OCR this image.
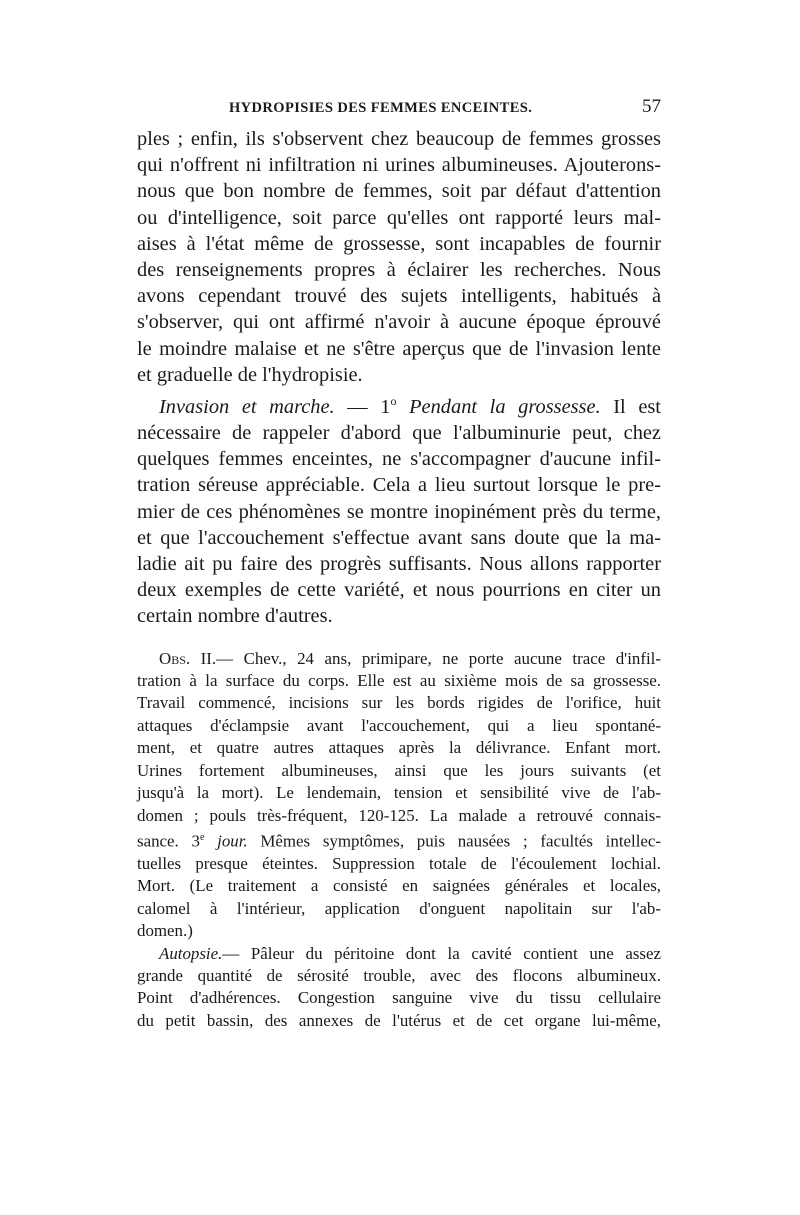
HYDROPISIES DES FEMMES ENCEINTES.	57

ples ; enfin, ils s'observent chez beaucoup de femmes grosses
qui n'offrent ni infiltration ni urines albumineuses. Ajouterons-
nous que bon nombre de femmes, soit par défaut d'attention
ou d'intelligence, soit parce qu'elles ont rapporté leurs mal-
aises à l'état même de grossesse, sont incapables de fournir
des renseignements propres à éclairer les recherches. Nous
avons cependant trouvé des sujets intelligents, habitués à
s'observer, qui ont affirmé n'avoir à aucune époque éprouvé
le moindre malaise et ne s'être aperçus que de l'invasion lente
et graduelle de l'hydropisie.

Invasion et marche. — 1$^o$ Pendant la grossesse. Il est
nécessaire de rappeler d'abord que l'albuminurie peut, chez
quelques femmes enceintes, ne s'accompagner d'aucune infil-
tration séreuse appréciable. Cela a lieu surtout lorsque le pre-
mier de ces phénomènes se montre inopinément près du terme,
et que l'accouchement s'effectue avant sans doute que la ma-
ladie ait pu faire des progrès suffisants. Nous allons rapporter
deux exemples de cette variété, et nous pourrions en citer un
certain nombre d'autres.

Obs. II.— Chev., 24 ans, primipare, ne porte aucune trace d'infil-
tration à la surface du corps. Elle est au sixième mois de sa grossesse.
Travail commencé, incisions sur les bords rigides de l'orifice, huit
attaques d'éclampsie avant l'accouchement, qui a lieu spontané-
ment, et quatre autres attaques après la délivrance. Enfant mort.
Urines fortement albumineuses, ainsi que les jours suivants (et
jusqu'à la mort). Le lendemain, tension et sensibilité vive de l'ab-
domen ; pouls très-fréquent, 120-125. La malade a retrouvé connais-
sance. 3e jour. Mêmes symptômes, puis nausées ; facultés intellec-
tuelles presque éteintes. Suppression totale de l'écoulement lochial.
Mort. (Le traitement a consisté en saignées générales et locales,
calomel à l'intérieur, application d'onguent napolitain sur l'ab-
domen.)
Autopsie.— Pâleur du péritoine dont la cavité contient une assez
grande quantité de sérosité trouble, avec des flocons albumineux.
Point d'adhérences. Congestion sanguine vive du tissu cellulaire
du petit bassin, des annexes de l'utérus et de cet organe lui-même,
